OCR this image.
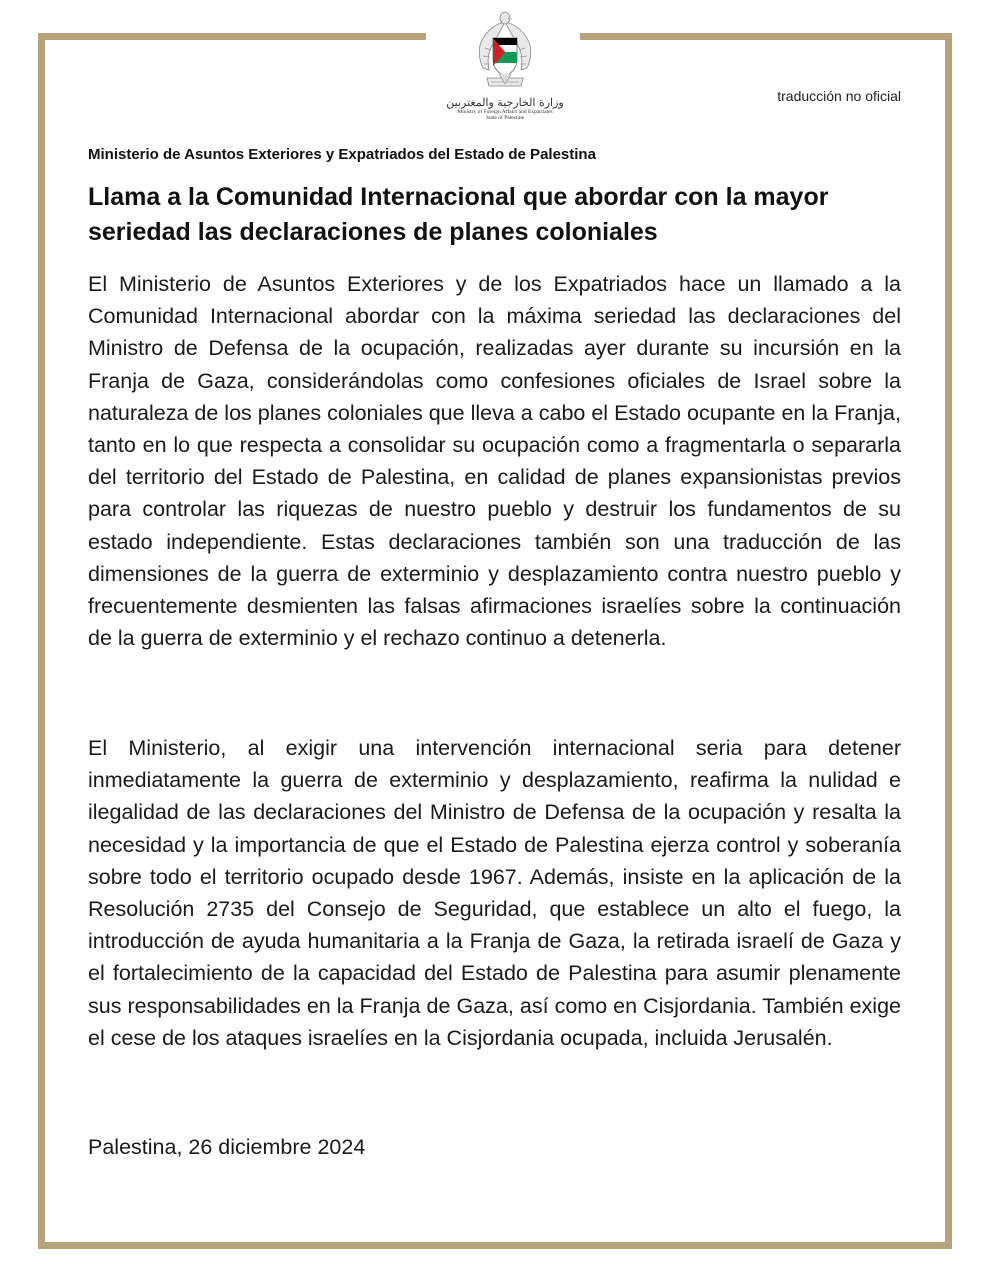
وزارة الخارجية والمغتربين
Ministry of Foreign Affairs and Expatriates
State of Palestine
traducción no oficial
Ministerio de Asuntos Exteriores y Expatriados del Estado de Palestina
Llama a la Comunidad Internacional que abordar con la mayor seriedad las declaraciones de planes coloniales
El Ministerio de Asuntos Exteriores y de los Expatriados hace un llamado a la Comunidad Internacional abordar con la máxima seriedad las declaraciones del Ministro de Defensa de la ocupación, realizadas ayer durante su incursión en la Franja de Gaza, considerándolas como confesiones oficiales de Israel sobre la naturaleza de los planes coloniales que lleva a cabo el Estado ocupante en la Franja, tanto en lo que respecta a consolidar su ocupación como a fragmentarla o separarla del territorio del Estado de Palestina, en calidad de planes expansionistas previos para controlar las riquezas de nuestro pueblo y destruir los fundamentos de su estado independiente. Estas declaraciones también son una traducción de las dimensiones de la guerra de exterminio y desplazamiento contra nuestro pueblo y frecuentemente desmienten las falsas afirmaciones israelíes sobre la continuación de la guerra de exterminio y el rechazo continuo a detenerla.
El Ministerio, al exigir una intervención internacional seria para detener inmediatamente la guerra de exterminio y desplazamiento, reafirma la nulidad e ilegalidad de las declaraciones del Ministro de Defensa de la ocupación y resalta la necesidad y la importancia de que el Estado de Palestina ejerza control y soberanía sobre todo el territorio ocupado desde 1967. Además, insiste en la aplicación de la Resolución 2735 del Consejo de Seguridad, que establece un alto el fuego, la introducción de ayuda humanitaria a la Franja de Gaza, la retirada israelí de Gaza y el fortalecimiento de la capacidad del Estado de Palestina para asumir plenamente sus responsabilidades en la Franja de Gaza, así como en Cisjordania. También exige el cese de los ataques israelíes en la Cisjordania ocupada, incluida Jerusalén.
Palestina, 26 diciembre 2024
